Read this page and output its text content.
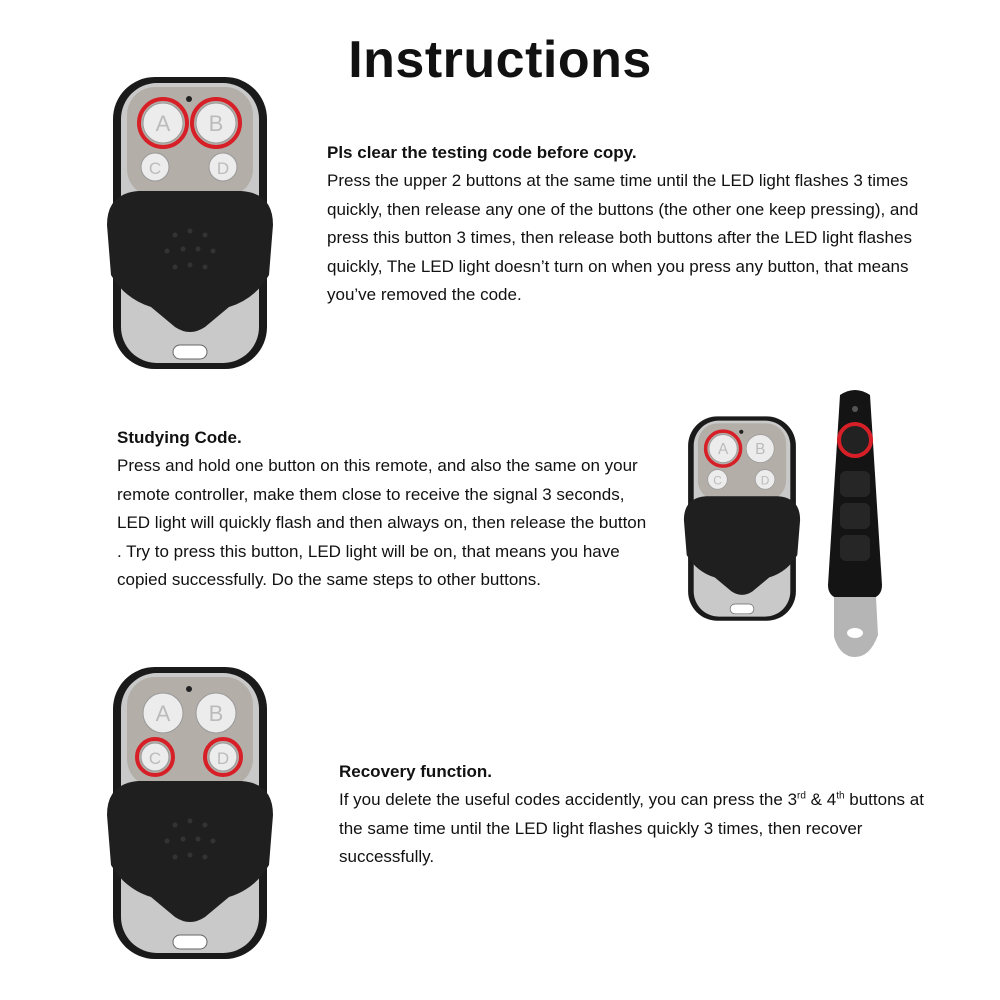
Instructions
A B
C	D
Pls clear the testing code before copy.
Press the upper 2 buttons at the same time until the LED light flashes 3 times quickly, then release any one of the buttons (the other one keep pressing), and press this button 3 times, then release both buttons after the LED light flashes quickly, The LED light doesn’t turn on when you press any button, that means you’ve removed the code.
Studying Code.
Press and hold one button on this remote, and also the same on your remote controller, make them close to receive the signal 3 seconds, LED light will quickly flash and then always on, then release the button . Try to press this button, LED light will be on, that means you have copied successfully. Do the same steps to other buttons.
A B
C D
A B
C	D
Recovery function.
If you delete the useful codes accidently, you can press the 3rd & 4th buttons at the same time until the LED light flashes quickly 3 times, then recover successfully.
